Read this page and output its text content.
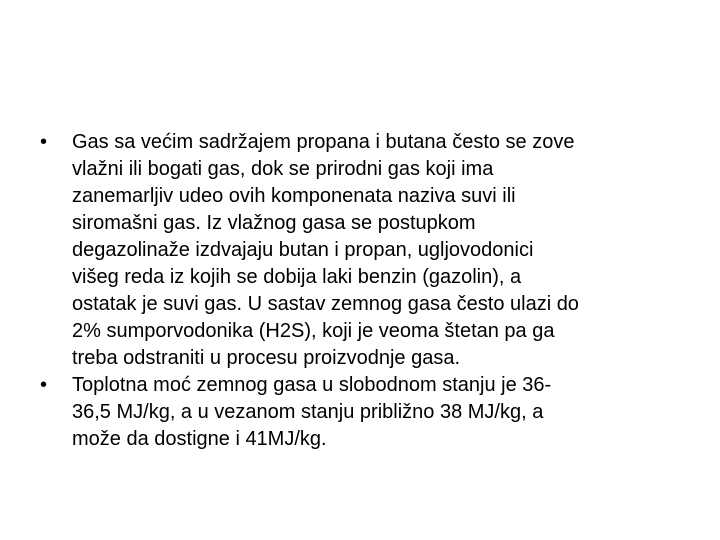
•	Gas sa većim sadržajem propana i butana često se zove
vlažni ili bogati gas, dok se prirodni gas koji ima
zanemarljiv udeo ovih komponenata naziva suvi ili
siromašni gas. Iz vlažnog gasa se postupkom
degazolinaže izdvajaju butan i propan, ugljovodonici
višeg reda iz kojih se dobija laki benzin (gazolin), a
ostatak je suvi gas. U sastav zemnog gasa često ulazi do
2% sumporvodonika (H2S), koji je veoma štetan pa ga
treba odstraniti u procesu proizvodnje gasa.
•	Toplotna moć zemnog gasa u slobodnom stanju je 36-
36,5 MJ/kg, a u vezanom stanju približno 38 MJ/kg, a
može da dostigne i 41MJ/kg.
